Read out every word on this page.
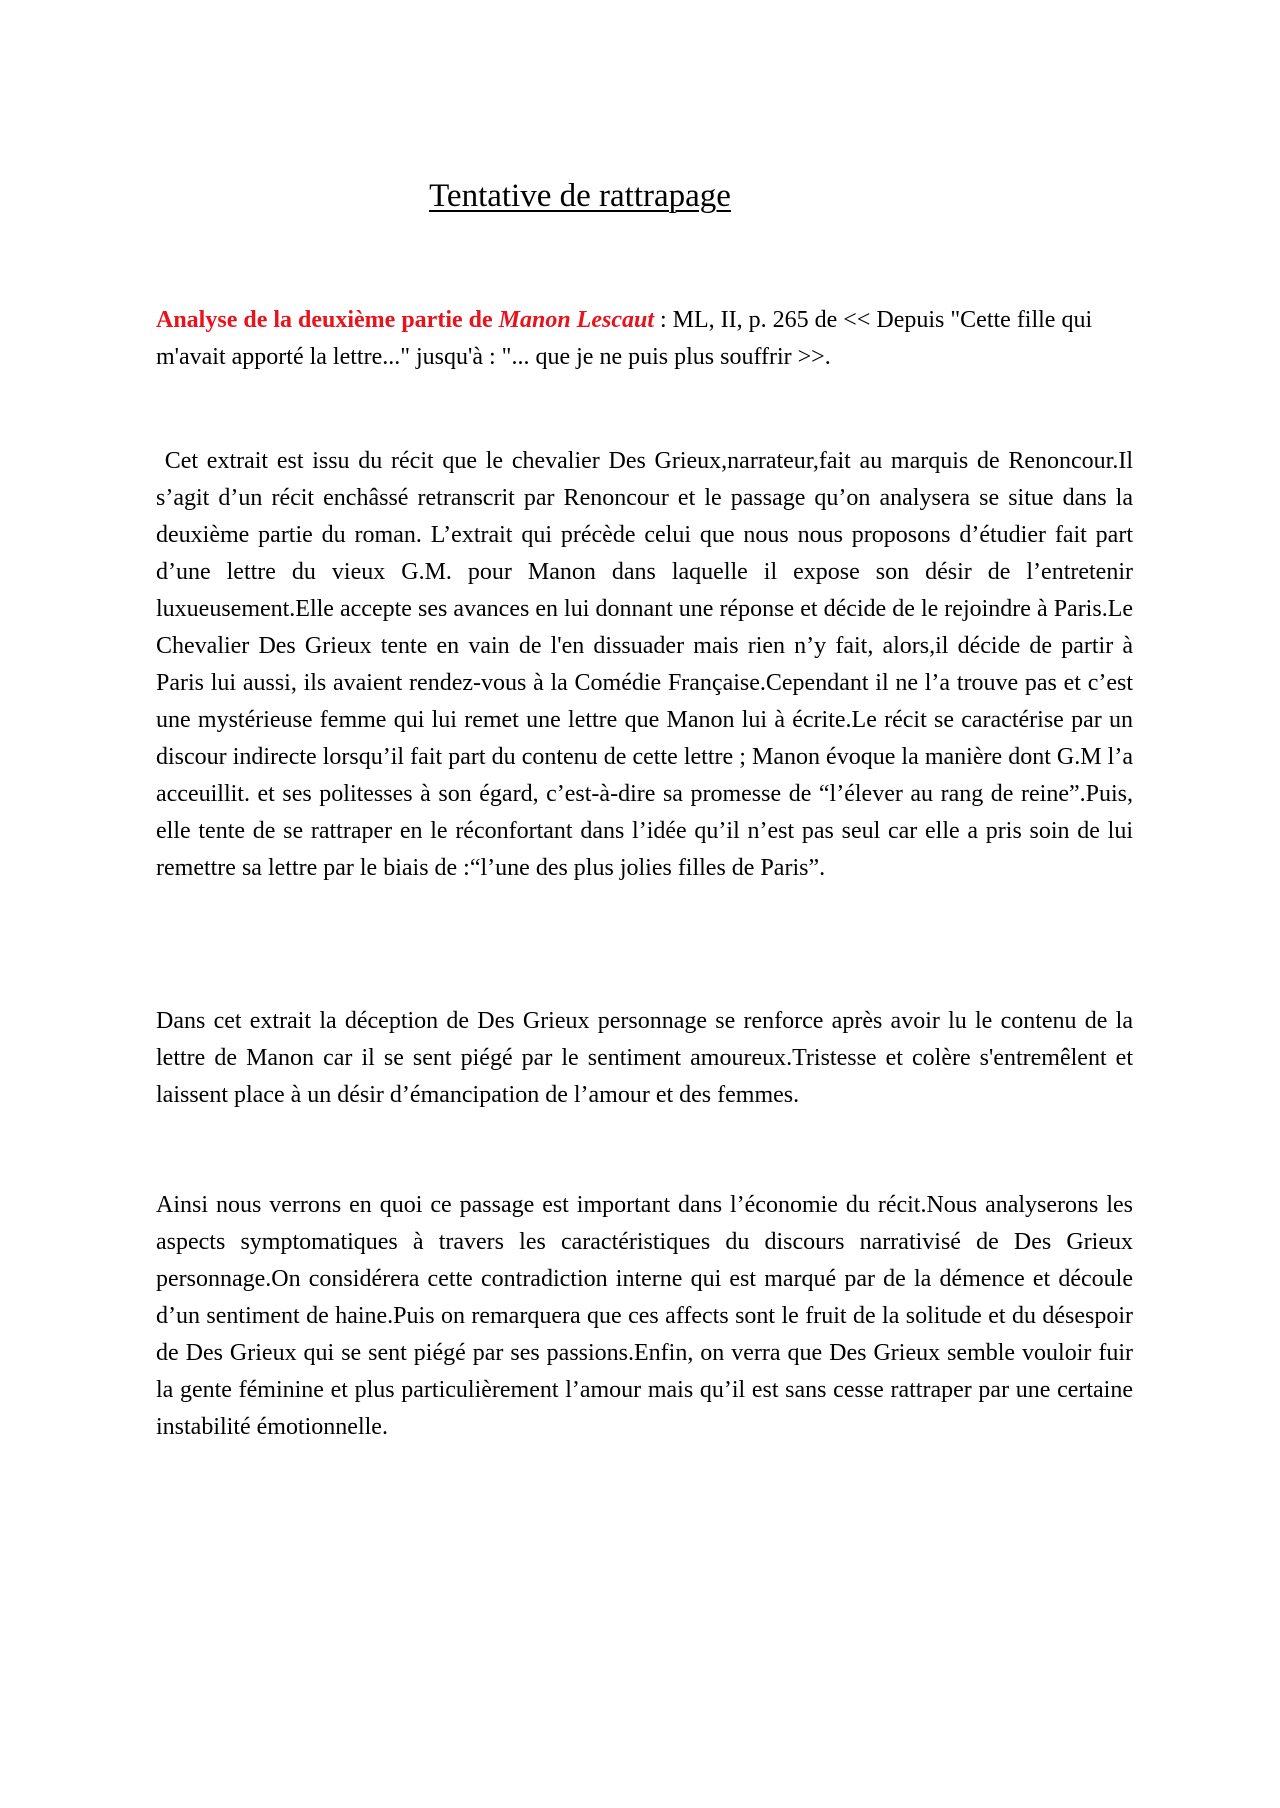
Tentative de rattrapage

Analyse de la deuxième partie de Manon Lescaut : ML, II, p. 265 de << Depuis "Cette fille qui m'avait apporté la lettre..." jusqu'à : "... que je ne puis plus souffrir >>.

Cet extrait est issu du récit que le chevalier Des Grieux,narrateur,fait au marquis de Renoncour.Il s’agit d’un récit enchâssé retranscrit par Renoncour et le passage qu’on analysera se situe dans la deuxième partie du roman. L’extrait qui précède celui que nous nous proposons d’étudier fait part d’une lettre du vieux G.M. pour Manon dans laquelle il expose son désir de l’entretenir luxueusement.Elle accepte ses avances en lui donnant une réponse et décide de le rejoindre à Paris.Le Chevalier Des Grieux tente en vain de l'en dissuader mais rien n’y fait, alors,il décide de partir à Paris lui aussi, ils avaient rendez-vous à la Comédie Française.Cependant il ne l’a trouve pas et c’est une mystérieuse femme qui lui remet une lettre que Manon lui à écrite.Le récit se caractérise par un discour indirecte lorsqu’il fait part du contenu de cette lettre ; Manon évoque la manière dont G.M l’a acceuillit. et ses politesses à son égard, c’est-à-dire sa promesse de “l’élever au rang de reine”.Puis, elle tente de se rattraper en le réconfortant dans l’idée qu’il n’est pas seul car elle a pris soin de lui remettre sa lettre par le biais de :“l’une des plus jolies filles de Paris”.

Dans cet extrait la déception de Des Grieux personnage se renforce après avoir lu le contenu de la lettre de Manon car il se sent piégé par le sentiment amoureux.Tristesse et colère s'entremêlent et laissent place à un désir d’émancipation de l’amour et des femmes.

Ainsi nous verrons en quoi ce passage est important dans l’économie du récit.Nous analyserons les aspects symptomatiques à travers les caractéristiques du discours narrativisé de Des Grieux personnage.On considérera cette contradiction interne qui est marqué par de la démence et découle d’un sentiment de haine.Puis on remarquera que ces affects sont le fruit de la solitude et du désespoir de Des Grieux qui se sent piégé par ses passions.Enfin, on verra que Des Grieux semble vouloir fuir la gente féminine et plus particulièrement l’amour mais qu’il est sans cesse rattraper par une certaine instabilité émotionnelle.
